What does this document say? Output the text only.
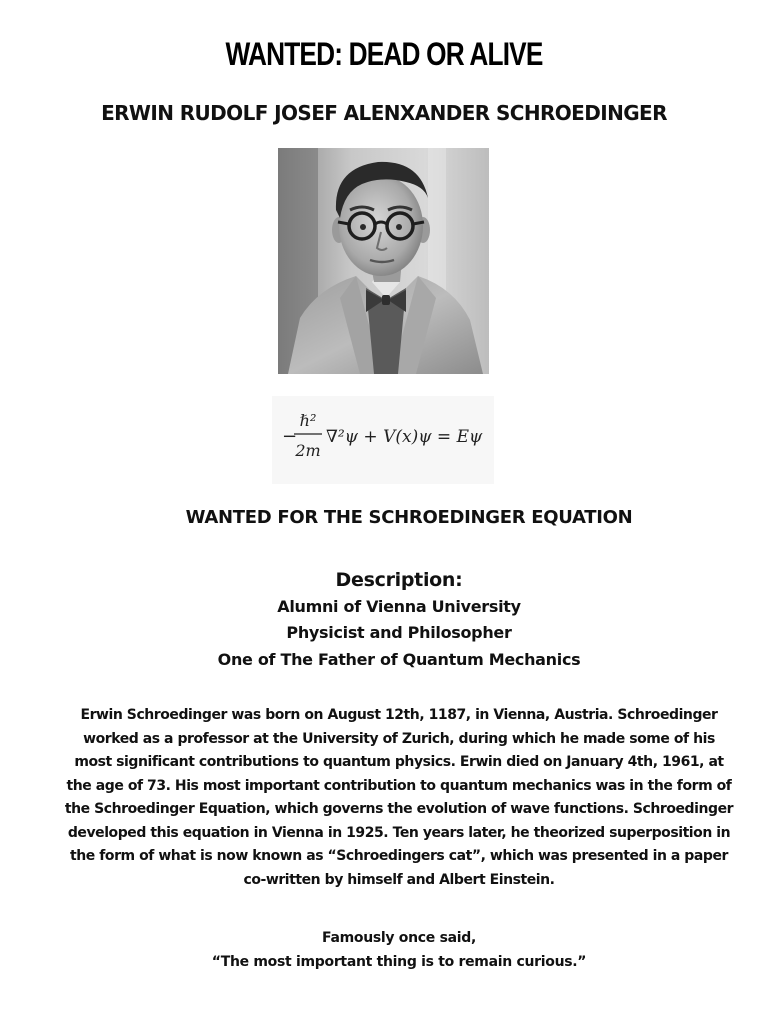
WANTED: DEAD OR ALIVE
ERWIN RUDOLF JOSEF ALENXANDER SCHROEDINGER
−
ℏ²
2m
∇²ψ + V(x)ψ = Eψ
WANTED FOR THE SCHROEDINGER EQUATION
Description:
Alumni of Vienna University
Physicist and Philosopher
One of The Father of Quantum Mechanics
Erwin Schroedinger was born on August 12th, 1187, in Vienna, Austria. Schroedinger worked as a professor at the University of Zurich, during which he made some of his most significant contributions to quantum physics. Erwin died on January 4th, 1961, at the age of 73. His most important contribution to quantum mechanics was in the form of the Schroedinger Equation, which governs the evolution of wave functions. Schroedinger developed this equation in Vienna in 1925. Ten years later, he theorized superposition in the form of what is now known as “Schroedingers cat”, which was presented in a paper co-written by himself and Albert Einstein.
Famously once said,
“The most important thing is to remain curious.”
